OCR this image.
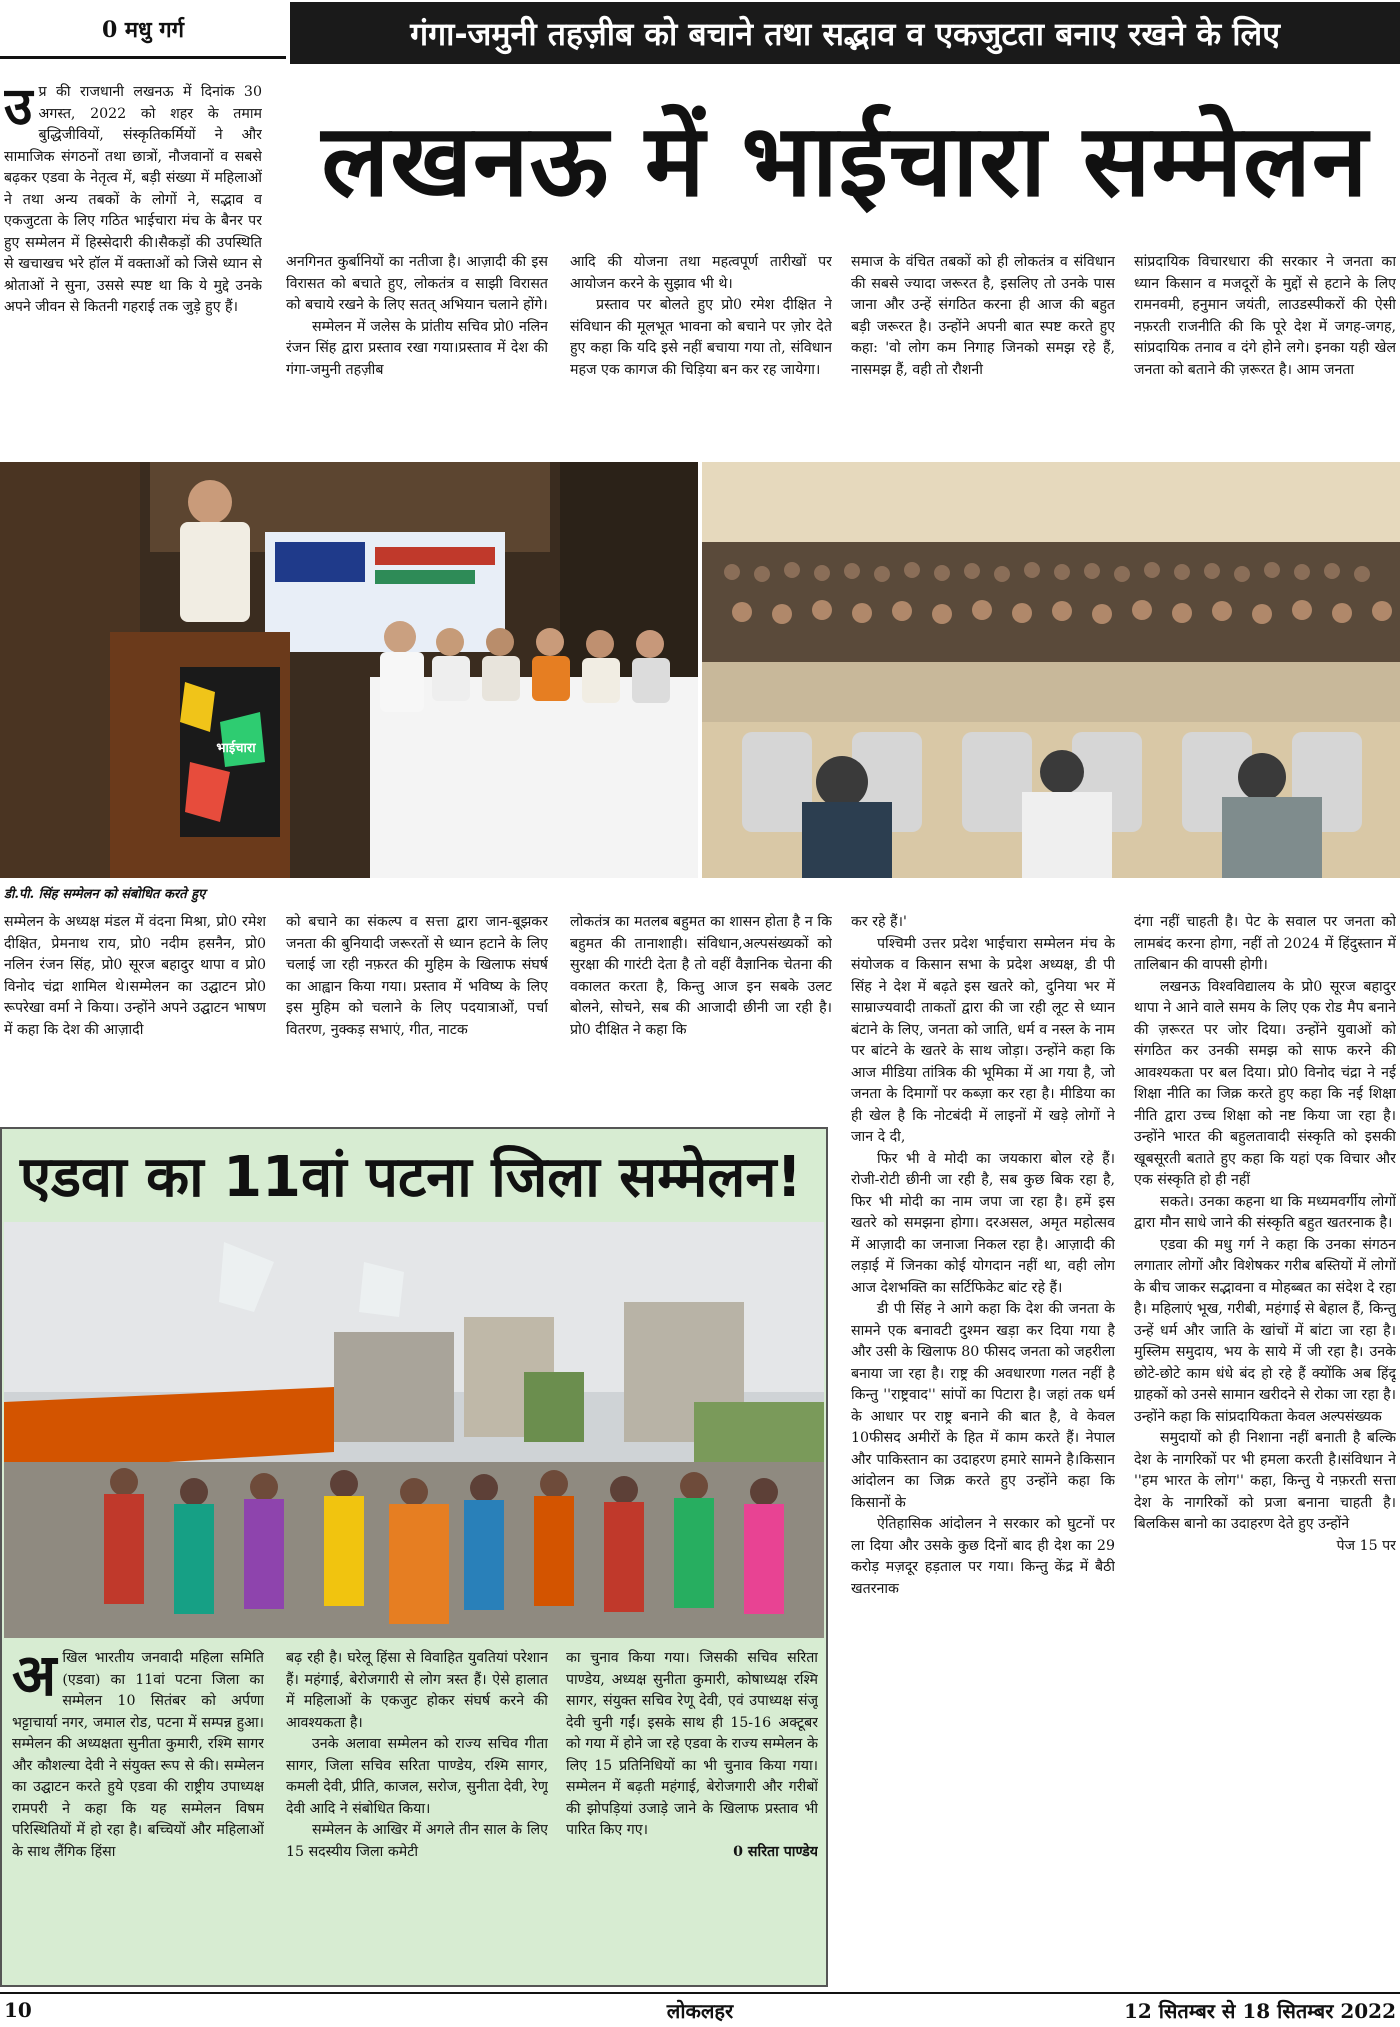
0 मधु गर्ग	गंगा-जमुनी तहज़ीब को बचाने तथा सद्भाव व एकजुटता बनाए रखने के लिए
लखनऊ में भाईचारा सम्मेलन

उप्र की राजधानी लखनऊ में दिनांक 30 अगस्त, 2022 को शहर के तमाम बुद्धिजीवियों, संस्कृतिकर्मियों ने और सामाजिक संगठनों तथा छात्रों, नौजवानों व सबसे बढ़कर एडवा के नेतृत्व में, बड़ी संख्या में महिलाओं ने तथा अन्य तबकों के लोगों ने, सद्भाव व एकजुटता के लिए गठित भाईचारा मंच के बैनर पर हुए सम्मेलन में हिस्सेदारी की।सैकड़ों की उपस्थिति से खचाखच भरे हॉल में वक्ताओं को जिसे ध्यान से श्रोताओं ने सुना, उससे स्पष्ट था कि ये मुद्दे उनके अपने जीवन से कितनी गहराई तक जुड़े हुए हैं।

अनगिनत कुर्बानियों का नतीजा है। आज़ादी की इस विरासत को बचाते हुए, लोकतंत्र व साझी विरासत को बचाये रखने के लिए सतत् अभियान चलाने होंगे।

सम्मेलन में जलेस के प्रांतीय सचिव प्रो0 नलिन रंजन सिंह द्वारा प्रस्ताव रखा गया।प्रस्ताव में देश की गंगा-जमुनी तहज़ीब

आदि की योजना तथा महत्वपूर्ण तारीखों पर आयोजन करने के सुझाव भी थे।

प्रस्ताव पर बोलते हुए प्रो0 रमेश दीक्षित ने संविधान की मूलभूत भावना को बचाने पर ज़ोर देते हुए कहा कि यदि इसे नहीं बचाया गया तो, संविधान महज एक कागज की चिड़िया बन कर रह जायेगा।

समाज के वंचित तबकों को ही लोकतंत्र व संविधान की सबसे ज्यादा जरूरत है, इसलिए तो उनके पास जाना और उन्हें संगठित करना ही आज की बहुत बड़ी जरूरत है। उन्होंने अपनी बात स्पष्ट करते हुए कहा: 'वो लोग कम निगाह जिनको समझ रहे हैं, नासमझ हैं, वही तो रौशनी

सांप्रदायिक विचारधारा की सरकार ने जनता का ध्यान किसान व मजदूरों के मुद्दों से हटाने के लिए रामनवमी, हनुमान जयंती, लाउडस्पीकरों की ऐसी नफ़रती राजनीति की कि पूरे देश में जगह-जगह, सांप्रदायिक तनाव व दंगे होने लगे। इनका यही खेल जनता को बताने की ज़रूरत है। आम जनता

भाईचारा
डी.पी. सिंह सम्मेलन को संबोधित करते हुए

सम्मेलन के अध्यक्ष मंडल में वंदना मिश्रा, प्रो0 रमेश दीक्षित, प्रेमनाथ राय, प्रो0 नदीम हसनैन, प्रो0 नलिन रंजन सिंह, प्रो0 सूरज बहादुर थापा व प्रो0 विनोद चंद्रा शामिल थे।सम्मेलन का उद्घाटन प्रो0 रूपरेखा वर्मा ने किया। उन्होंने अपने उद्घाटन भाषण में कहा कि देश की आज़ादी

को बचाने का संकल्प व सत्ता द्वारा जान-बूझकर जनता की बुनियादी जरूरतों से ध्यान हटाने के लिए चलाई जा रही नफ़रत की मुहिम के खिलाफ संघर्ष का आह्वान किया गया। प्रस्ताव में भविष्य के लिए इस मुहिम को चलाने के लिए पदयात्राओं, पर्चा वितरण, नुक्कड़ सभाएं, गीत, नाटक

लोकतंत्र का मतलब बहुमत का शासन होता है न कि बहुमत की तानाशाही। संविधान,अल्पसंख्यकों को सुरक्षा की गारंटी देता है तो वहीं वैज्ञानिक चेतना की वकालत करता है, किन्तु आज इन सबके उलट बोलने, सोचने, सब की आजादी छीनी जा रही है। प्रो0 दीक्षित ने कहा कि

कर रहे हैं।'

पश्चिमी उत्तर प्रदेश भाईचारा सम्मेलन मंच के संयोजक व किसान सभा के प्रदेश अध्यक्ष, डी पी सिंह ने देश में बढ़ते इस खतरे को, दुनिया भर में साम्राज्यवादी ताकतों द्वारा की जा रही लूट से ध्यान बंटाने के लिए, जनता को जाति, धर्म व नस्ल के नाम पर बांटने के खतरे के साथ जोड़ा। उन्होंने कहा कि आज मीडिया तांत्रिक की भूमिका में आ गया है, जो जनता के दिमागों पर कब्ज़ा कर रहा है। मीडिया का ही खेल है कि नोटबंदी में लाइनों में खड़े लोगों ने जान दे दी,

फिर भी वे मोदी का जयकारा बोल रहे हैं। रोजी-रोटी छीनी जा रही है, सब कुछ बिक रहा है, फिर भी मोदी का नाम जपा जा रहा है। हमें इस खतरे को समझना होगा। दरअसल, अमृत महोत्सव में आज़ादी का जनाजा निकल रहा है। आज़ादी की लड़ाई में जिनका कोई योगदान नहीं था, वही लोग आज देशभक्ति का सर्टिफिकेट बांट रहे हैं।

डी पी सिंह ने आगे कहा कि देश की जनता के सामने एक बनावटी दुश्मन खड़ा कर दिया गया है और उसी के खिलाफ 80 फीसद जनता को जहरीला बनाया जा रहा है। राष्ट्र की अवधारणा गलत नहीं है किन्तु ''राष्ट्रवाद'' सांपों का पिटारा है। जहां तक धर्म के आधार पर राष्ट्र बनाने की बात है, वे केवल 10फीसद अमीरों के हित में काम करते हैं। नेपाल और पाकिस्तान का उदाहरण हमारे सामने है।किसान आंदोलन का जिक्र करते हुए उन्होंने कहा कि किसानों के

ऐतिहासिक आंदोलन ने सरकार को घुटनों पर ला दिया और उसके कुछ दिनों बाद ही देश का 29 करोड़ मज़दूर हड़ताल पर गया। किन्तु केंद्र में बैठी खतरनाक

दंगा नहीं चाहती है। पेट के सवाल पर जनता को लामबंद करना होगा, नहीं तो 2024 में हिंदुस्तान में तालिबान की वापसी होगी।

लखनऊ विश्वविद्यालय के प्रो0 सूरज बहादुर थापा ने आने वाले समय के लिए एक रोड मैप बनाने की ज़रूरत पर जोर दिया। उन्होंने युवाओं को संगठित कर उनकी समझ को साफ करने की आवश्यकता पर बल दिया। प्रो0 विनोद चंद्रा ने नई शिक्षा नीति का जिक्र करते हुए कहा कि नई शिक्षा नीति द्वारा उच्च शिक्षा को नष्ट किया जा रहा है। उन्होंने भारत की बहुलतावादी संस्कृति को इसकी खूबसूरती बताते हुए कहा कि यहां एक विचार और एक संस्कृति हो ही नहीं

सकते। उनका कहना था कि मध्यमवर्गीय लोगों द्वारा मौन साधे जाने की संस्कृति बहुत खतरनाक है।

एडवा की मधु गर्ग ने कहा कि उनका संगठन लगातार लोगों और विशेषकर गरीब बस्तियों में लोगों के बीच जाकर सद्भावना व मोहब्बत का संदेश दे रहा है। महिलाएं भूख, गरीबी, महंगाई से बेहाल हैं, किन्तु उन्हें धर्म और जाति के खांचों में बांटा जा रहा है।मुस्लिम समुदाय, भय के साये में जी रहा है। उनके छोटे-छोटे काम धंधे बंद हो रहे हैं क्योंकि अब हिंदू ग्राहकों को उनसे सामान खरीदने से रोका जा रहा है। उन्होंने कहा कि सांप्रदायिकता केवल अल्पसंख्यक

समुदायों को ही निशाना नहीं बनाती है बल्कि देश के नागरिकों पर भी हमला करती है।संविधान ने ''हम भारत के लोग'' कहा, किन्तु ये नफ़रती सत्ता देश के नागरिकों को प्रजा बनाना चाहती है। बिलकिस बानो का उदाहरण देते हुए उन्होंने

पेज 15 पर

एडवा का 11वां पटना जिला सम्मेलन!

अखिल भारतीय जनवादी महिला समिति (एडवा) का 11वां पटना जिला का सम्मेलन 10 सितंबर को अर्पणा भट्टाचार्या नगर, जमाल रोड, पटना में सम्पन्न हुआ। सम्मेलन की अध्यक्षता सुनीता कुमारी, रश्मि सागर और कौशल्या देवी ने संयुक्त रूप से की। सम्मेलन का उद्घाटन करते हुये एडवा की राष्ट्रीय उपाध्यक्ष रामपरी ने कहा कि यह सम्मेलन विषम परिस्थितियों में हो रहा है। बच्चियों और महिलाओं के साथ लैंगिक हिंसा

बढ़ रही है। घरेलू हिंसा से विवाहित युवतियां परेशान हैं। महंगाई, बेरोजगारी से लोग त्रस्त हैं। ऐसे हालात में महिलाओं के एकजुट होकर संघर्ष करने की आवश्यकता है।

उनके अलावा सम्मेलन को राज्य सचिव गीता सागर, जिला सचिव सरिता पाण्डेय, रश्मि सागर, कमली देवी, प्रीति, काजल, सरोज, सुनीता देवी, रेणू देवी आदि ने संबोधित किया।

सम्मेलन के आखिर में अगले तीन साल के लिए 15 सदस्यीय जिला कमेटी

का चुनाव किया गया। जिसकी सचिव सरिता पाण्डेय, अध्यक्ष सुनीता कुमारी, कोषाध्यक्ष रश्मि सागर, संयुक्त सचिव रेणू देवी, एवं उपाध्यक्ष संजू देवी चुनी गईं। इसके साथ ही 15-16 अक्टूबर को गया में होने जा रहे एडवा के राज्य सम्मेलन के लिए 15 प्रतिनिधियों का भी चुनाव किया गया। सम्मेलन में बढ़ती महंगाई, बेरोजगारी और गरीबों की झोपड़ियां उजाड़े जाने के खिलाफ प्रस्ताव भी पारित किए गए।

0 सरिता पाण्डेय

10	लोकलहर	12 सितम्बर से 18 सितम्बर 2022
